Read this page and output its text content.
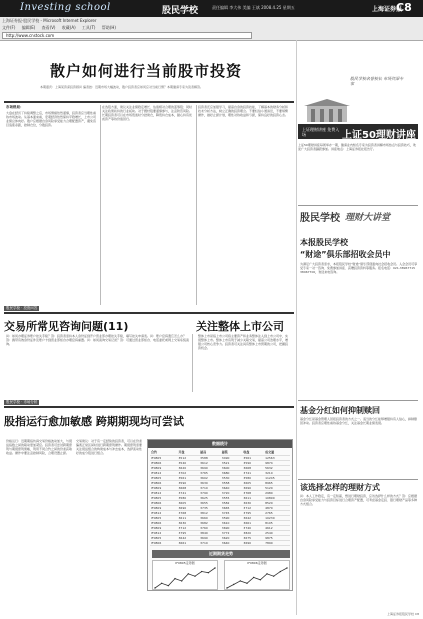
Investing school	股民学校	责任编辑 李大伟 美编 王斌 2008.4.25 星期五	上海证券报
C8
上海证券报·股民学校 - Microsoft Internet Explorer
文件(F) 编辑(E) 查看(V) 收藏(A) 工具(T) 帮助(H)
http://www.cnstock.com
散户如何进行当前股市投资
本期嘉宾：上海某资深投资顾问 编者按：近期市场大幅波动，散户投资者应如何应对当前行情？本期邀请专家为读者解答。
市场格局：
大盘在经历了持续调整之后，市场情绪依然谨慎，投资者应当理性看待市场波动。从基本面来看，宏观经济依然保持平稳增长，上市公司业绩总体向好。散户应根据自身风险承受能力合理配置资产，避免盲目追涨杀跌，控制仓位，分散投资。
在选股方面，建议关注业绩稳定增长、估值相对合理的蓝筹股；同时关注政策扶持的行业板块。对于题材股要谨慎参与，注意防范风险。长期投资者可以在市场低迷时分批建仓，降低持仓成本，耐心持有优质资产等待价值回归。
投资者还应加强学习，提高自身的投资技能，了解基本的财务分析和技术分析方法，树立正确的投资理念。不要轻信小道消息，不要频繁操作，做好止损计划，理性对待收益和亏损，保持良好的投资心态。
股民学校名誉校长 市场资深专家
上证理财讲座 免费入场	上证50理财讲座
上证50理财讲座每周举办一期，邀请业内知名专家为投资者讲解市场热点与投资技巧，欢迎广大投资者踊跃参加。讲座地点：上海证券报社报告厅。
股民学校 理财大讲堂
本报股民学校
“财途”俱乐部招收会员中
为满足广大投资者需求，本报股民学校“财途”俱乐部现面向社会招收会员。入会会员可享受专家一对一咨询、免费参加讲座、获赠投资资料等服务。报名电话：021-38967715 38967700，欢迎来电咨询。
基金分红如何抑制赎回
基金分红是基金管理人回报投资者的方式之一。适当的分红能够增强持有人信心，抑制赎回冲动。投资者应理性看待基金分红，关注基金长期业绩表现。
该选择怎样的理财方式
问：本人工作稳定，有一定积蓄，想进行理财投资，应该选择什么样的方式？答：应根据自身风险承受能力与投资目标进行合理资产配置，可考虑基金定投、银行理财产品等多种方式组合。
股民学校 · 投资问答
交易所常见咨询问题(11)	关注整体上市公司
问：如何办理证券账户挂失手续？答：投资者需持本人身份证到开户营业部办理挂失手续，填写挂失申请表。问：账户密码遗忘怎么办？答：携带有效身份证件及账户卡到营业部柜台办理密码重置。问：如何查询交易记录？答：可通过营业部柜台、电话委托或网上交易系统查询。
整体上市是指上市公司将主要资产和业务整体注入到上市公司中，实现整体上市。整体上市有利于减少关联交易，提高公司治理水平，增强公司核心竞争力。投资者可关注具有整体上市预期的公司，把握投资机会。
股民学校 · 市场分析
股指运行愈加敏感 跨期期现均可尝试
价格运行：近期期指仿真交易价格波动加大，与现货指数之间的联动更加紧密。投资者可尝试跨期套利与期现套利策略，利用不同合约之间的价差获取收益。操作中要注意控制风险，合理设置止损。
交易建议：对于有一定经验的投资者，可以在价差偏离正常区间时进行跨期套利操作。期现套利需要关注现货组合的构建成本与冲击成本，选择流动性好的成分股进行组合。
数据统计
合约	开盘	最高	最低	收盘	成交量
IF0805	3512	3588	3490	3561	12563
IF0806	3540	3612	3521	3590	9874
IF0809	3620	3690	3600	3668	5632
IF0812	3702	3765	3680	3741	3210
IF0805	3561	3602	3530	3580	11245
IF0806	3590	3630	3558	3605	8965
IF0809	3668	3710	3640	3690	5120
IF0812	3741	3790	3720	3768	2980
IF0805	3580	3625	3555	3611	10890
IF0806	3605	3655	3582	3630	8520
IF0809	3690	3735	3665	3712	4870
IF0812	3768	3812	3745	3795	2765
IF0805	3611	3660	3590	3642	10230
IF0806	3630	3682	3610	3661	8105
IF0809	3712	3760	3690	3740	4612
IF0812	3795	3840	3772	3820	2540
IF0805	3642	3690	3620	3675	9875
IF0806	3661	3710	3640	3690	7890
近期期货走势
IF0805走势图	IF0806走势图
上海证券报股民学校 C8
